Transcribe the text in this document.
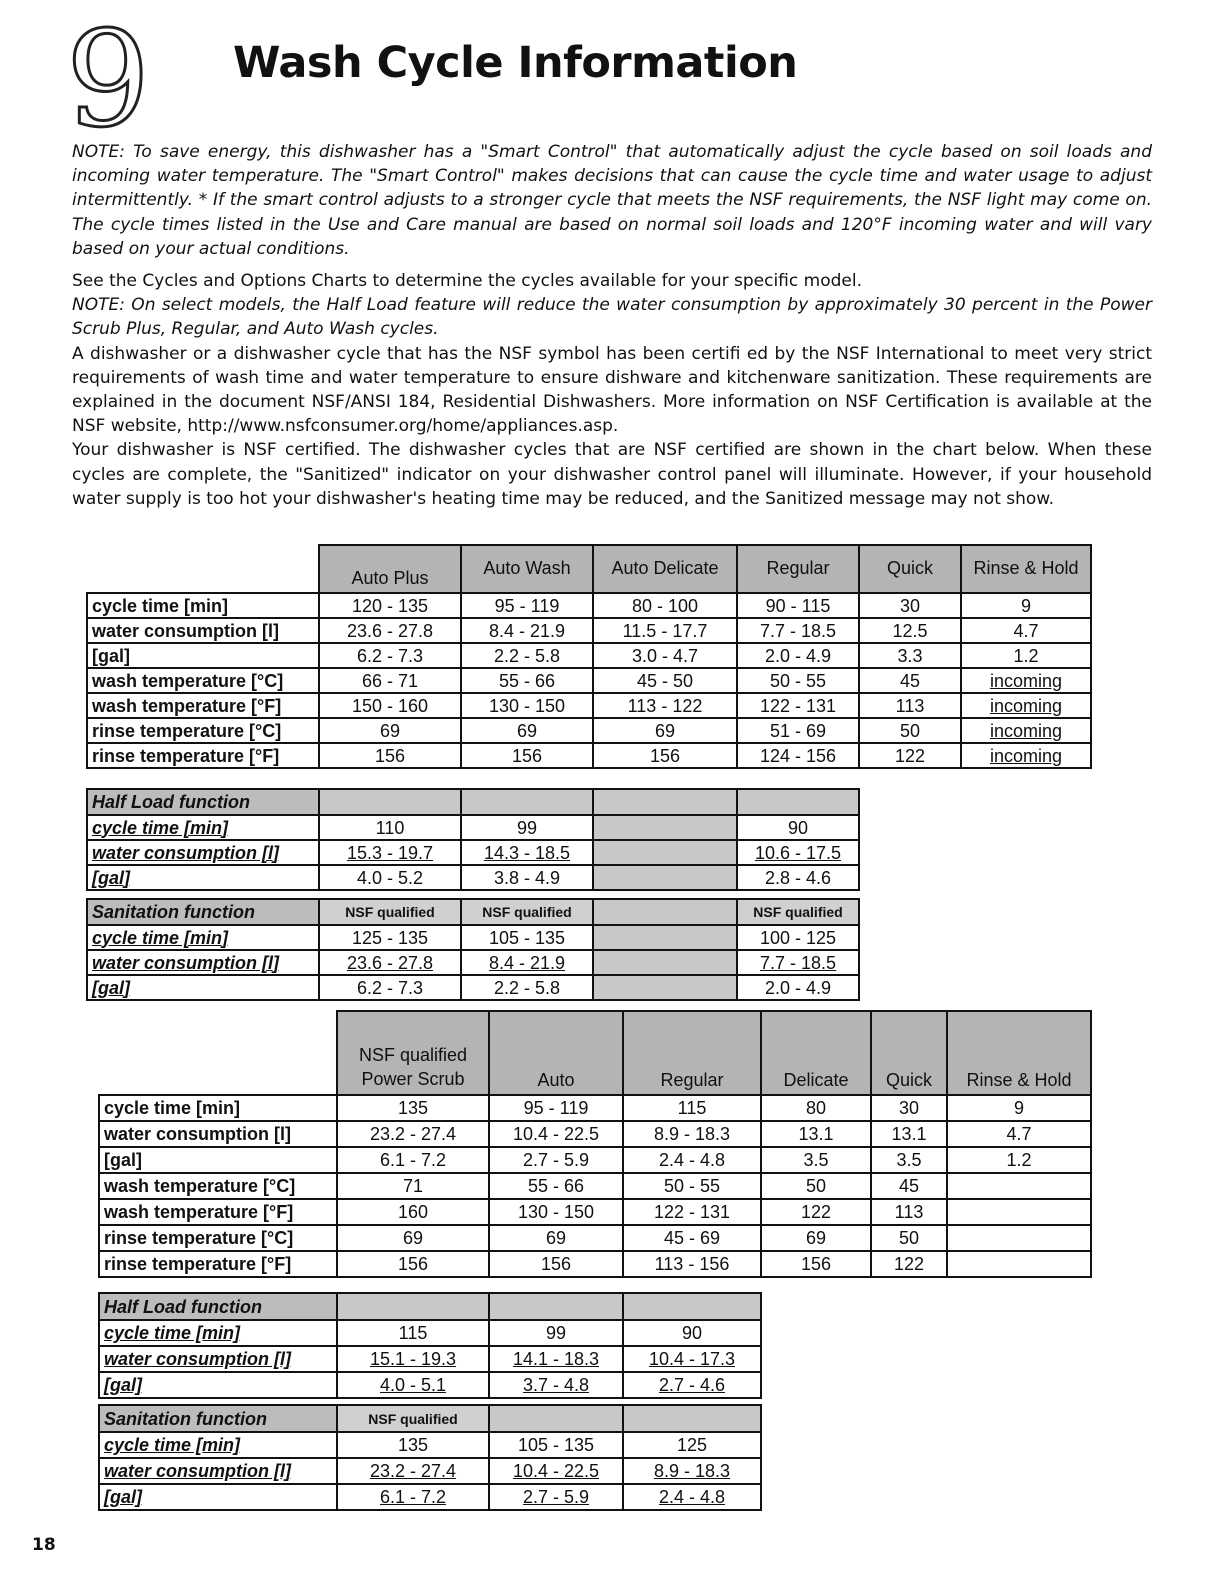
9 Wash Cycle Information

NOTE: To save energy, this dishwasher has a "Smart Control" that automatically adjust the cycle based on soil loads and incoming water temperature. The "Smart Control" makes decisions that can cause the cycle time and water usage to adjust intermittently. * If the smart control adjusts to a stronger cycle that meets the NSF requirements, the NSF light may come on. The cycle times listed in the Use and Care manual are based on normal soil loads and 120°F incoming water and will vary based on your actual conditions.

See the Cycles and Options Charts to determine the cycles available for your specific model.

NOTE: On select models, the Half Load feature will reduce the water consumption by approximately 30 percent in the Power Scrub Plus, Regular, and Auto Wash cycles.

A dishwasher or a dishwasher cycle that has the NSF symbol has been certifi ed by the NSF International to meet very strict requirements of wash time and water temperature to ensure dishware and kitchenware sanitization. These requirements are explained in the document NSF/ANSI 184, Residential Dishwashers. More information on NSF Certification is available at the NSF website, http://www.nsfconsumer.org/home/appliances.asp.

Your dishwasher is NSF certified. The dishwasher cycles that are NSF certified are shown in the chart below. When these cycles are complete, the "Sanitized" indicator on your dishwasher control panel will illuminate. However, if your household water supply is too hot your dishwasher's heating time may be reduced, and the Sanitized message may not show.

	Auto Plus	Auto Wash	Auto Delicate	Regular	Quick	Rinse & Hold
cycle time [min]	120 - 135	95 - 119	80 - 100	90 - 115	30	9
water consumption [l]	23.6 - 27.8	8.4 - 21.9	11.5 - 17.7	7.7 - 18.5	12.5	4.7
[gal]	6.2 - 7.3	2.2 - 5.8	3.0 - 4.7	2.0 - 4.9	3.3	1.2
wash temperature [°C]	66 - 71	55 - 66	45 - 50	50 - 55	45	incoming
wash temperature [°F]	150 - 160	130 - 150	113 - 122	122 - 131	113	incoming
rinse temperature [°C]	69	69	69	51 - 69	50	incoming
rinse temperature [°F]	156	156	156	124 - 156	122	incoming
Half Load function				
cycle time [min]	110	99		90
water consumption [l]	15.3 - 19.7	14.3 - 18.5		10.6 - 17.5
[gal]	4.0 - 5.2	3.8 - 4.9		2.8 - 4.6
Sanitation function	NSF qualified	NSF qualified		NSF qualified
cycle time [min]	125 - 135	105 - 135		100 - 125
water consumption [l]	23.6 - 27.8	8.4 - 21.9		7.7 - 18.5
[gal]	6.2 - 7.3	2.2 - 5.8		2.0 - 4.9

	NSF qualified
Power Scrub	Auto	Regular	Delicate	Quick	Rinse & Hold
cycle time [min]	135	95 - 119	115	80	30	9
water consumption [l]	23.2 - 27.4	10.4 - 22.5	8.9 - 18.3	13.1	13.1	4.7
[gal]	6.1 - 7.2	2.7 - 5.9	2.4 - 4.8	3.5	3.5	1.2
wash temperature [°C]	71	55 - 66	50 - 55	50	45	
wash temperature [°F]	160	130 - 150	122 - 131	122	113	
rinse temperature [°C]	69	69	45 - 69	69	50	
rinse temperature [°F]	156	156	113 - 156	156	122	
Half Load function			
cycle time [min]	115	99	90
water consumption [l]	15.1 - 19.3	14.1 - 18.3	10.4 - 17.3
[gal]	4.0 - 5.1	3.7 - 4.8	2.7 - 4.6
Sanitation function	NSF qualified		
cycle time [min]	135	105 - 135	125
water consumption [l]	23.2 - 27.4	10.4 - 22.5	8.9 - 18.3
[gal]	6.1 - 7.2	2.7 - 5.9	2.4 - 4.8
18
